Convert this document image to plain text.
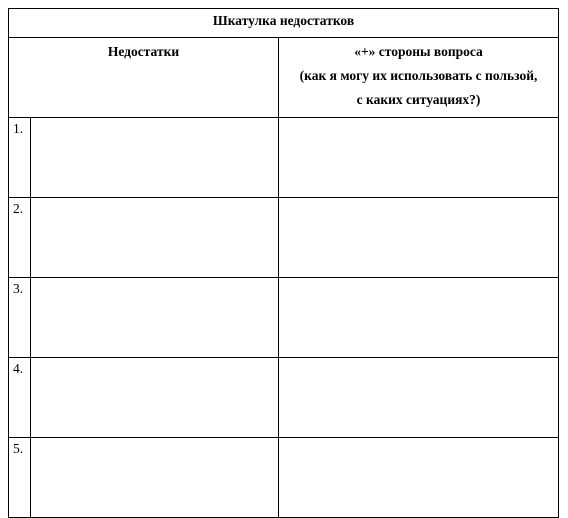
Шкатулка недостатков		
Недостатки		«+» стороны вопроса
(как я могу их использовать с пользой,
с каких ситуациях?)

1.		
2.		
3.		
4.		
5.		
